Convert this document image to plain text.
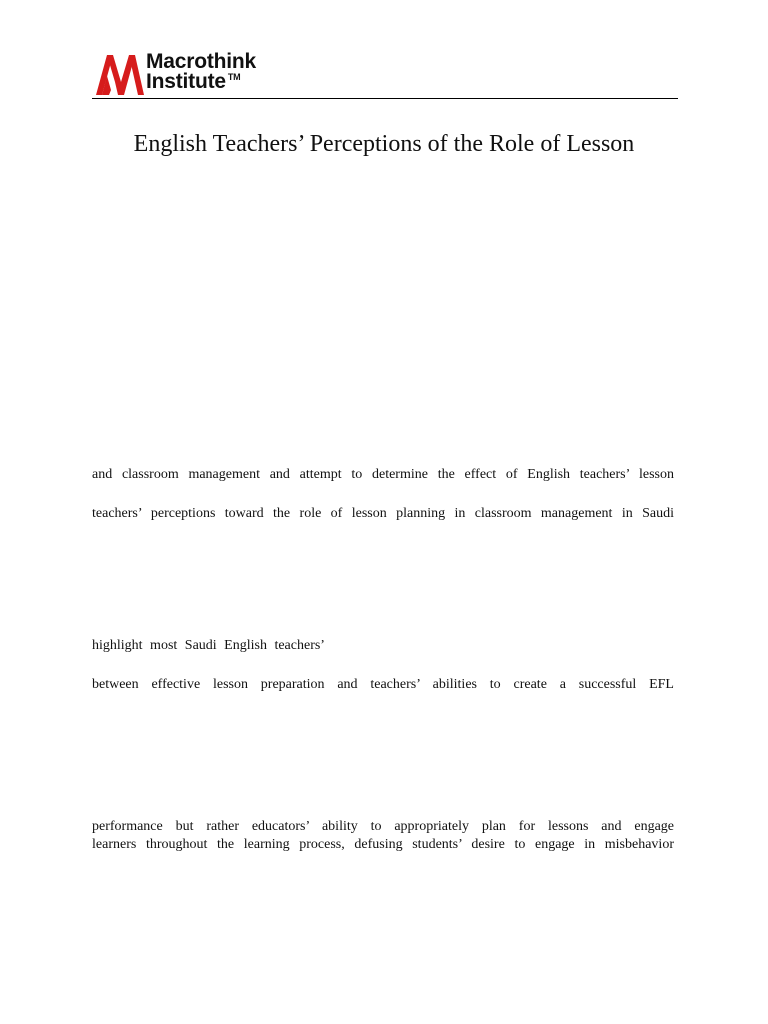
Macrothink
Institute ™
English Teachers’ Perceptions of the Role of Lesson
and classroom management and attempt to determine the effect of English teachers’ lesson
teachers’ perceptions toward the role of lesson planning in classroom management in Saudi
highlight most Saudi English teachers’
between effective lesson preparation and teachers’ abilities to create a successful EFL
performance but rather educators’ ability to appropriately plan for lessons and engage
learners throughout the learning process, defusing students’ desire to engage in misbehavior
